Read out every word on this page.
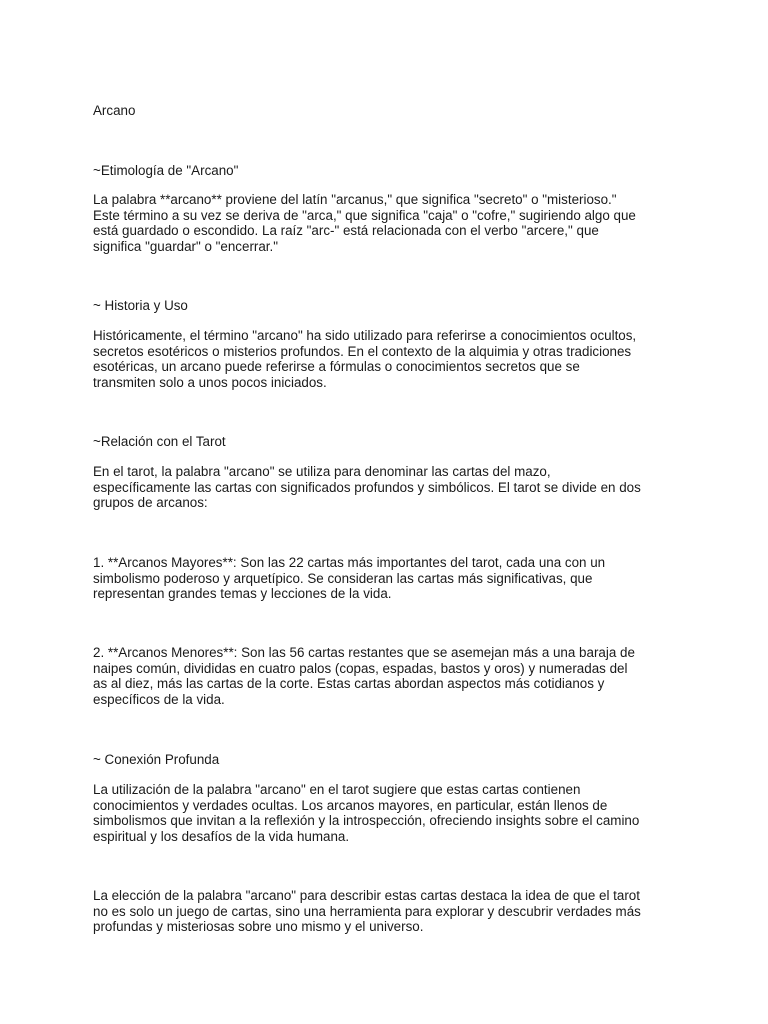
Arcano

~Etimología de "Arcano"

La palabra **arcano** proviene del latín "arcanus," que significa "secreto" o "misterioso."
Este término a su vez se deriva de "arca," que significa "caja" o "cofre," sugiriendo algo que
está guardado o escondido. La raíz "arc-" está relacionada con el verbo "arcere," que
significa "guardar" o "encerrar."

~ Historia y Uso

Históricamente, el término "arcano" ha sido utilizado para referirse a conocimientos ocultos,
secretos esotéricos o misterios profundos. En el contexto de la alquimia y otras tradiciones
esotéricas, un arcano puede referirse a fórmulas o conocimientos secretos que se
transmiten solo a unos pocos iniciados.

~Relación con el Tarot

En el tarot, la palabra "arcano" se utiliza para denominar las cartas del mazo,
específicamente las cartas con significados profundos y simbólicos. El tarot se divide en dos
grupos de arcanos:

1. **Arcanos Mayores**: Son las 22 cartas más importantes del tarot, cada una con un
simbolismo poderoso y arquetípico. Se consideran las cartas más significativas, que
representan grandes temas y lecciones de la vida.

2. **Arcanos Menores**: Son las 56 cartas restantes que se asemejan más a una baraja de
naipes común, divididas en cuatro palos (copas, espadas, bastos y oros) y numeradas del
as al diez, más las cartas de la corte. Estas cartas abordan aspectos más cotidianos y
específicos de la vida.

~ Conexión Profunda

La utilización de la palabra "arcano" en el tarot sugiere que estas cartas contienen
conocimientos y verdades ocultas. Los arcanos mayores, en particular, están llenos de
simbolismos que invitan a la reflexión y la introspección, ofreciendo insights sobre el camino
espiritual y los desafíos de la vida humana.

La elección de la palabra "arcano" para describir estas cartas destaca la idea de que el tarot
no es solo un juego de cartas, sino una herramienta para explorar y descubrir verdades más
profundas y misteriosas sobre uno mismo y el universo.
